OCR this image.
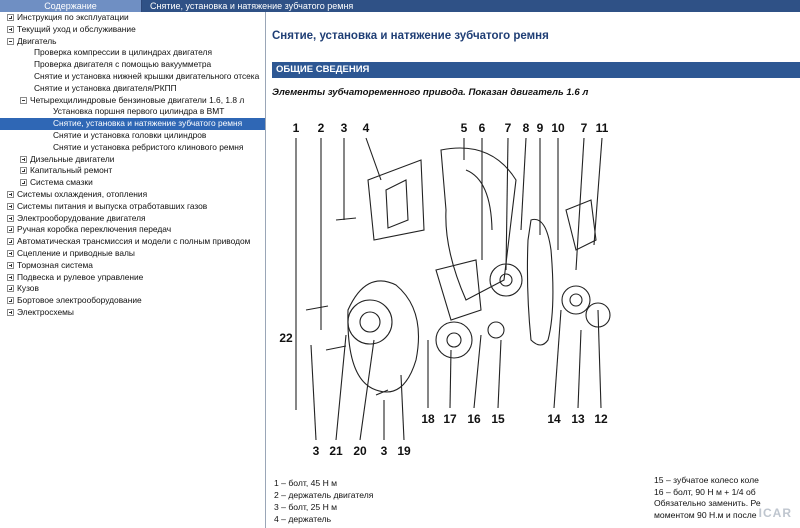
Содержание	Снятие, установка и натяжение зубчатого ремня
Инструкция по эксплуатации
Текущий уход и обслуживание
Двигатель
Проверка компрессии в цилиндрах двигателя
Проверка двигателя с помощью вакуумметра
Снятие и установка нижней крышки двигательного отсека
Снятие и установка двигателя/РКПП
Четырехцилиндровые бензиновые двигатели 1.6, 1.8 л
Установка поршня первого цилиндра в ВМТ
Снятие, установка и натяжение зубчатого ремня
Снятие и установка головки цилиндров
Снятие и установка ребристого клинового ремня
Дизельные двигатели
Капитальный ремонт
Система смазки
Системы охлаждения, отопления
Системы питания и выпуска отработавших газов
Электрооборудование двигателя
Ручная коробка переключения передач
Автоматическая трансмиссия и модели с полным приводом
Сцепление и приводные валы
Тормозная система
Подвеска и рулевое управление
Кузов
Бортовое электрооборудование
Электросхемы
Снятие, установка и натяжение зубчатого ремня
ОБЩИЕ СВЕДЕНИЯ
Элементы зубчатоременного привода. Показан двигатель 1.6 л
1 2 3 4	5 6 7 8 9 10 7 11
22
3 21 20 3 19
18 17 16 15	14 13 12
1 – болт, 45 Н м
2 – держатель двигателя
3 – болт, 25 Н м
4 – держатель
15 – зубчатое колесо коле
16 – болт, 90 Н м + 1/4 об
Обязательно заменить. Ре
моментом 90 Н.м и после ICAR
